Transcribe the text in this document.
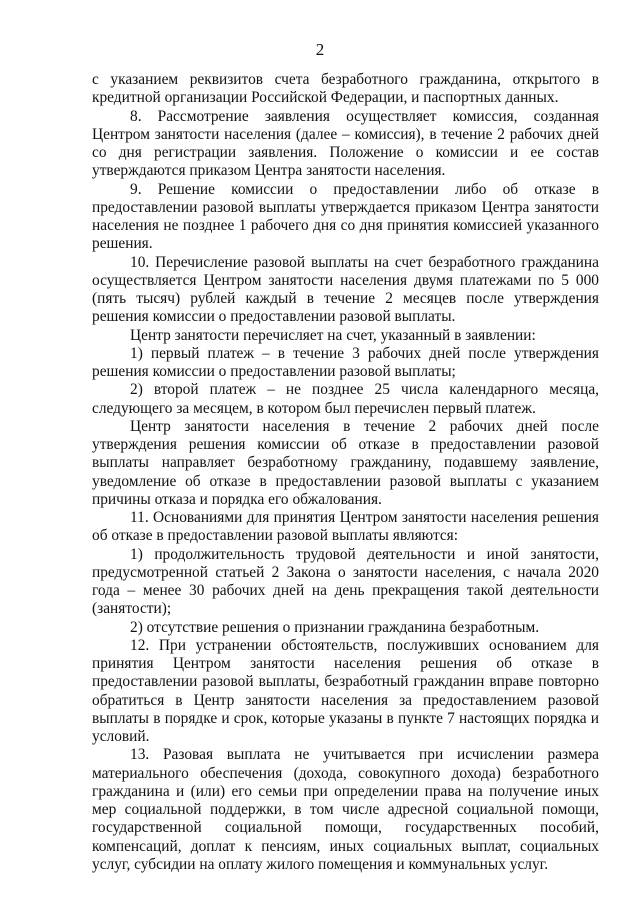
2

с указанием реквизитов счета безработного гражданина, открытого в кредитной организации Российской Федерации, и паспортных данных.

8. Рассмотрение заявления осуществляет комиссия, созданная Центром занятости населения (далее – комиссия), в течение 2 рабочих дней со дня регистрации заявления. Положение о комиссии и ее состав утверждаются приказом Центра занятости населения.

9. Решение комиссии о предоставлении либо об отказе в предоставлении разовой выплаты утверждается приказом Центра занятости населения не позднее 1 рабочего дня со дня принятия комиссией указанного решения.

10. Перечисление разовой выплаты на счет безработного гражданина осуществляется Центром занятости населения двумя платежами по 5 000 (пять тысяч) рублей каждый в течение 2 месяцев после утверждения решения комиссии о предоставлении разовой выплаты.

Центр занятости перечисляет на счет, указанный в заявлении:

1) первый платеж – в течение 3 рабочих дней после утверждения решения комиссии о предоставлении разовой выплаты;

2) второй платеж – не позднее 25 числа календарного месяца, следующего за месяцем, в котором был перечислен первый платеж.

Центр занятости населения в течение 2 рабочих дней после утверждения решения комиссии об отказе в предоставлении разовой выплаты направляет безработному гражданину, подавшему заявление, уведомление об отказе в предоставлении разовой выплаты с указанием причины отказа и порядка его обжалования.

11. Основаниями для принятия Центром занятости населения решения об отказе в предоставлении разовой выплаты являются:

1) продолжительность трудовой деятельности и иной занятости, предусмотренной статьей 2 Закона о занятости населения, с начала 2020 года – менее 30 рабочих дней на день прекращения такой деятельности (занятости);

2) отсутствие решения о признании гражданина безработным.

12. При устранении обстоятельств, послуживших основанием для принятия Центром занятости населения решения об отказе в предоставлении разовой выплаты, безработный гражданин вправе повторно обратиться в Центр занятости населения за предоставлением разовой выплаты в порядке и срок, которые указаны в пункте 7 настоящих порядка и условий.

13. Разовая выплата не учитывается при исчислении размера материального обеспечения (дохода, совокупного дохода) безработного гражданина и (или) его семьи при определении права на получение иных мер социальной поддержки, в том числе адресной социальной помощи, государственной социальной помощи, государственных пособий, компенсаций, доплат к пенсиям, иных социальных выплат, социальных услуг, субсидии на оплату жилого помещения и коммунальных услуг.
